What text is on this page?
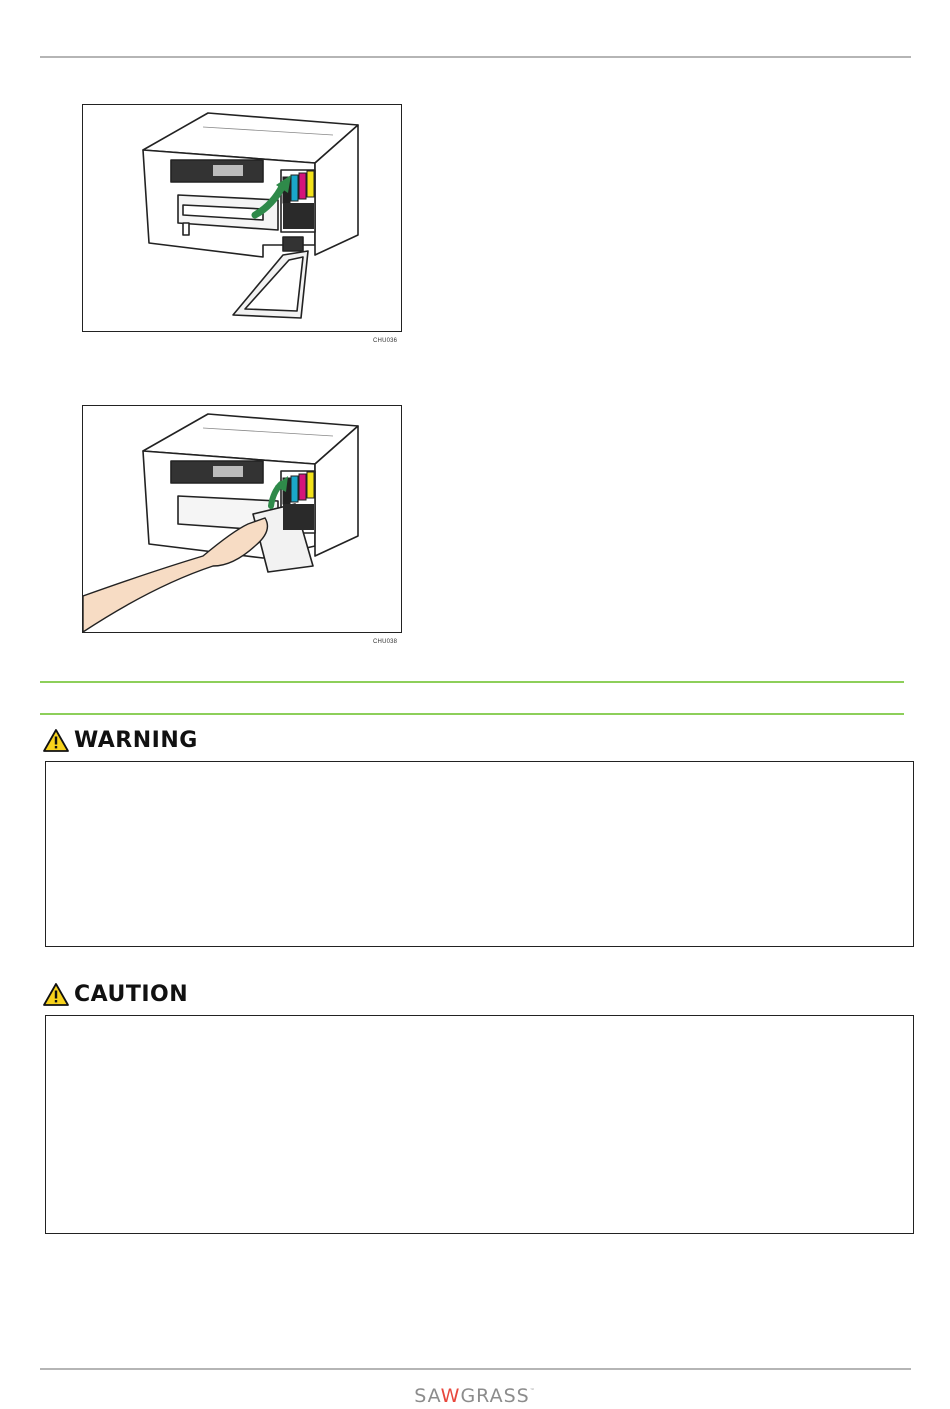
CHU036
CHU038
WARNING
CAUTION
SAWGRASS™
